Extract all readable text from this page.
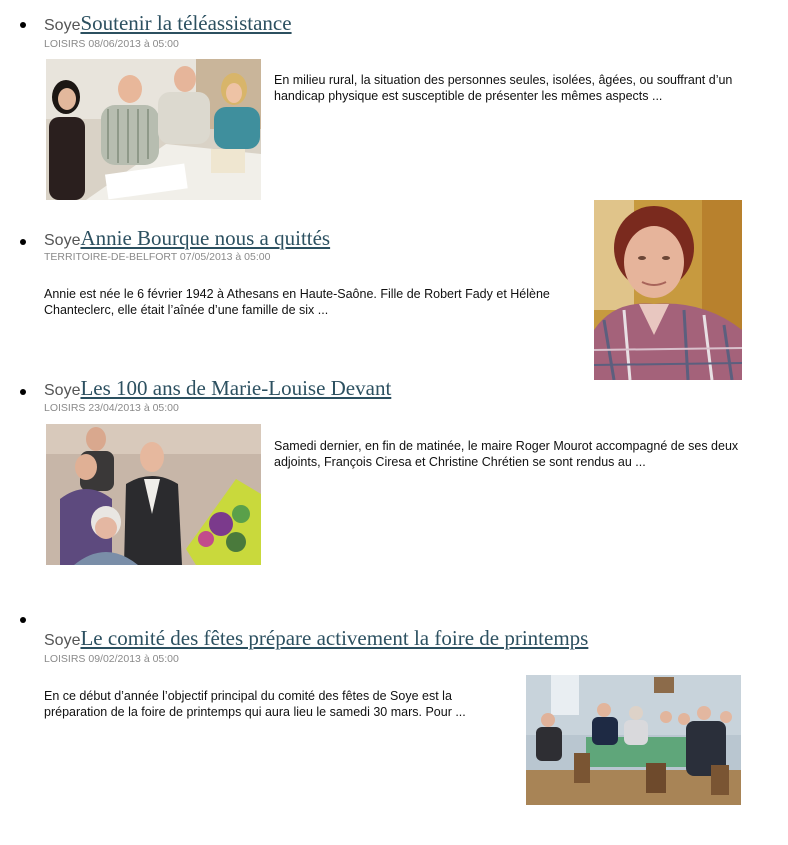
SoyeSoutenir la téléassistance
LOISIRS 08/06/2013 à 05:00
En milieu rural, la situation des personnes seules, isolées, âgées, ou souffrant d’un handicap physique est susceptible de présenter les mêmes aspects ...
SoyeAnnie Bourque nous a quittés
TERRITOIRE-DE-BELFORT 07/05/2013 à 05:00
Annie est née le 6 février 1942 à Athesans en Haute-Saône. Fille de Robert Fady et Hélène Chanteclerc, elle était l’aînée d’une famille de six ...
SoyeLes 100 ans de Marie-Louise Devant
LOISIRS 23/04/2013 à 05:00
Samedi dernier, en fin de matinée, le maire Roger Mourot accompagné de ses deux adjoints, François Ciresa et Christine Chrétien se sont rendus au ...
SoyeLe comité des fêtes prépare activement la foire de printemps
LOISIRS 09/02/2013 à 05:00
En ce début d’année l’objectif principal du comité des fêtes de Soye est la préparation de la foire de printemps qui aura lieu le samedi 30 mars. Pour ...
